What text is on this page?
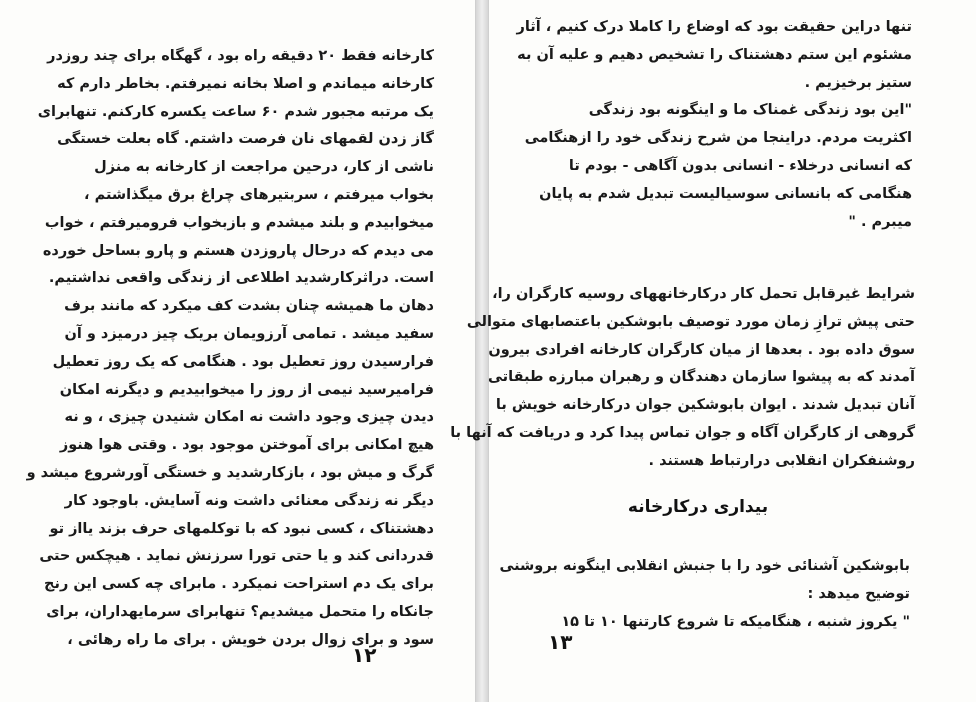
کارخانه فقط ۲۰ دقیقه راه بود ، گهگاه برای چند روزدر
کارخانه میماندم و اصلا بخانه نمیرفتم. بخاطر دارم که
یک مرتبه مجبور شدم ۶۰ ساعت یکسره کارکنم. تنهابرای
گاز زدن لقمهای نان فرصت داشتم. گاه بعلت خستگی
ناشی از کار، درحین مراجعت از کارخانه به منزل
بخواب میرفتم ، سربتیرهای چراغ برق میگذاشتم ،
میخوابیدم و بلند میشدم و بازبخواب فرومیرفتم ، خواب
می دیدم که درحال پاروزدن هستم و پارو بساحل خورده
است. دراثرکارشدید اطلاعی از زندگی واقعی نداشتیم.
دهان ما همیشه چنان بشدت کف میکرد که مانند برف
سفید میشد . تمامی آرزویمان بریک چیز درمیزد و آن
فرارسیدن روز تعطیل بود . هنگامی که یک روز تعطیل
فرامیرسید نیمی از روز را میخوابیدیم و دیگرنه امکان
دیدن چیزی وجود داشت نه امکان شنیدن چیزی ، و نه
هیچ امکانی برای آموختن موجود بود . وقتی هوا هنوز
گرگ و میش بود ، بازکارشدید و خستگی آورشروع میشد و
دیگر نه زندگی معنائی داشت ونه آسایش. باوجود کار
دهشتناک ، کسی نبود که با توکلمهای حرف بزند یااز تو
قدردانی کند و یا حتی تورا سرزنش نماید . هیچکس حتی
برای یک دم استراحت نمیکرد . مابرای چه کسی این رنج
جانکاه را متحمل میشدیم؟ تنهابرای سرمایهداران، برای
سود و برای زوال بردن خویش . برای ما راه رهائی ،
۱۲
تنها دراین حقیقت بود که اوضاع را کاملا درک کنیم ، آثار
مشئوم این ستم دهشتناک را تشخیص دهیم و علیه آن به
ستیز برخیزیم .
"این بود زندگی غمناک ما و اینگونه بود زندگی
اکثریت مردم. دراینجا من شرح زندگی خود را ازهنگامی
که انسانی درخلاء - انسانی بدون آگاهی - بودم تا
هنگامی که بانسانی سوسیالیست تبدیل شدم به پایان
میبرم . "
شرایط غیرقابل تحمل کار درکارخانههای روسیه کارگران را،
حتی پیش ترازِ زمان مورد توصیف بابوشکین باعتصابهای متوالی
سوق داده بود . بعدها از میان کارگران کارخانه افرادی بیرون
آمدند که به پیشوا سازمان دهندگان و رهبران مبارزه طبقاتی
آنان تبدیل شدند . ایوان بابوشکین جوان درکارخانه خویش با
گروهی از کارگران آگاه و جوان تماس پیدا کرد و دریافت که آنها با
روشنفکران انقلابی درارتباط هستند .
بیداری درکارخانه
بابوشکین آشنائی خود را با جنبش انقلابی اینگونه بروشنی
توضیح میدهد :
" یکروز شنبه ، هنگامیکه تا شروع کارتنها ۱۰ تا ۱۵
۱۳
